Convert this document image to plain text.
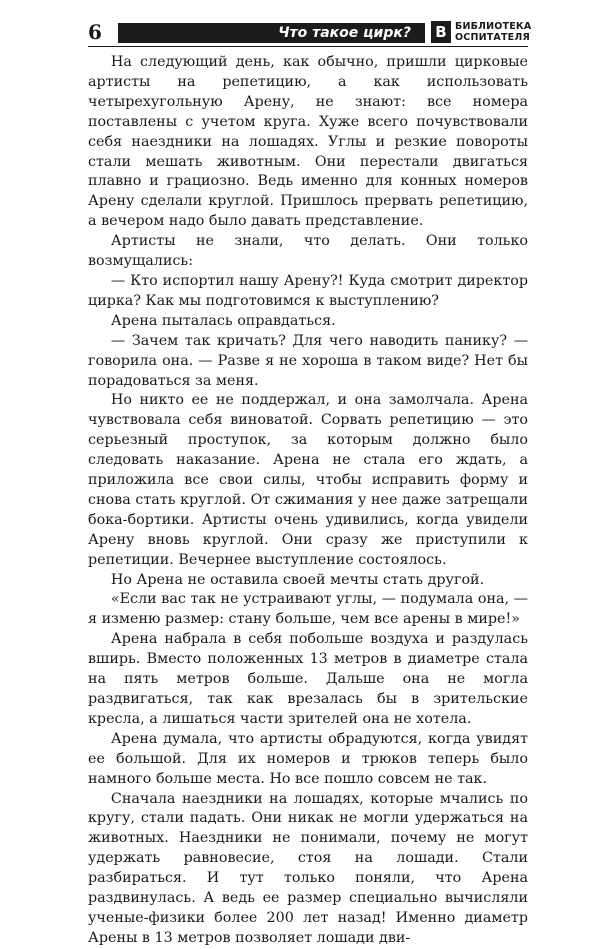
6	Что такое цирк? В БИБЛИОТЕКА
ОСПИТАТЕЛЯ

На следующий день, как обычно, пришли цирковые артисты на репетицию, а как использовать четырехугольную Арену, не знают: все номера поставлены с учетом круга. Хуже всего почувствовали себя наездники на лошадях. Углы и резкие повороты стали мешать животным. Они перестали двигаться плавно и грациозно. Ведь именно для конных номеров Арену сделали круглой. Пришлось прервать репетицию, а вечером надо было давать представление.

Артисты не знали, что делать. Они только возмущались:

— Кто испортил нашу Арену?! Куда смотрит директор цирка? Как мы подготовимся к выступлению?

Арена пыталась оправдаться.

— Зачем так кричать? Для чего наводить панику? — говорила она. — Разве я не хороша в таком виде? Нет бы порадоваться за меня.

Но никто ее не поддержал, и она замолчала. Арена чувствовала себя виноватой. Сорвать репетицию — это серьезный проступок, за которым должно было следовать наказание. Арена не стала его ждать, а приложила все свои силы, чтобы исправить форму и снова стать круглой. От сжимания у нее даже затрещали бока-бортики. Артисты очень удивились, когда увидели Арену вновь круглой. Они сразу же приступили к репетиции. Вечернее выступление состоялось.

Но Арена не оставила своей мечты стать другой.

«Если вас так не устраивают углы, — подумала она, — я изменю размер: стану больше, чем все арены в мире!»

Арена набрала в себя побольше воздуха и раздулась вширь. Вместо положенных 13 метров в диаметре стала на пять метров больше. Дальше она не могла раздвигаться, так как врезалась бы в зрительские кресла, а лишаться части зрителей она не хотела.

Арена думала, что артисты обрадуются, когда увидят ее большой. Для их номеров и трюков теперь было намного больше места. Но все пошло совсем не так.

Сначала наездники на лошадях, которые мчались по кругу, стали падать. Они никак не могли удержаться на животных. Наездники не понимали, почему не могут удержать равновесие, стоя на лошади. Стали разбираться. И тут только поняли, что Арена раздвинулась. А ведь ее размер специально вычисляли ученые-физики более 200 лет назад! Именно диаметр Арены в 13 метров позволяет лошади дви-
